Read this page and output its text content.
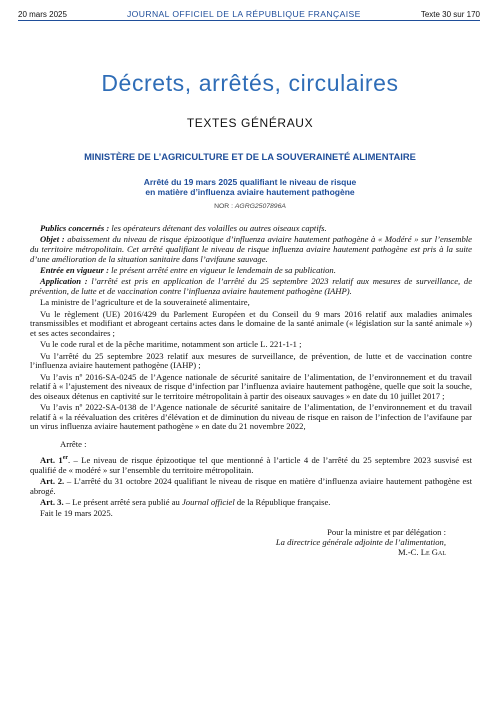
20 mars 2025	JOURNAL OFFICIEL DE LA RÉPUBLIQUE FRANÇAISE	Texte 30 sur 170
Décrets, arrêtés, circulaires
TEXTES GÉNÉRAUX
MINISTÈRE DE L’AGRICULTURE ET DE LA SOUVERAINETÉ ALIMENTAIRE
Arrêté du 19 mars 2025 qualifiant le niveau de risque
en matière d’influenza aviaire hautement pathogène
NOR : AGRG2507896A

Publics concernés : les opérateurs détenant des volailles ou autres oiseaux captifs.

Objet : abaissement du niveau de risque épizootique d’influenza aviaire hautement pathogène à « Modéré » sur l’ensemble du territoire métropolitain. Cet arrêté qualifiant le niveau de risque influenza aviaire hautement pathogène est pris à la suite d’une amélioration de la situation sanitaire dans l’avifaune sauvage.

Entrée en vigueur : le présent arrêté entre en vigueur le lendemain de sa publication.

Application : l’arrêté est pris en application de l’arrêté du 25 septembre 2023 relatif aux mesures de surveillance, de prévention, de lutte et de vaccination contre l’influenza aviaire hautement pathogène (IAHP).

La ministre de l’agriculture et de la souveraineté alimentaire,

Vu le règlement (UE) 2016/429 du Parlement Européen et du Conseil du 9 mars 2016 relatif aux maladies animales transmissibles et modifiant et abrogeant certains actes dans le domaine de la santé animale (« législation sur la santé animale ») et ses actes secondaires ;

Vu le code rural et de la pêche maritime, notamment son article L. 221-1-1 ;

Vu l’arrêté du 25 septembre 2023 relatif aux mesures de surveillance, de prévention, de lutte et de vaccination contre l’influenza aviaire hautement pathogène (IAHP) ;

Vu l’avis nº 2016-SA-0245 de l’Agence nationale de sécurité sanitaire de l’alimentation, de l’environnement et du travail relatif à « l’ajustement des niveaux de risque d’infection par l’influenza aviaire hautement pathogène, quelle que soit la souche, des oiseaux détenus en captivité sur le territoire métropolitain à partir des oiseaux sauvages » en date du 10 juillet 2017 ;

Vu l’avis nº 2022-SA-0138 de l’Agence nationale de sécurité sanitaire de l’alimentation, de l’environnement et du travail relatif à « la réévaluation des critères d’élévation et de diminution du niveau de risque en raison de l’infection de l’avifaune par un virus influenza aviaire hautement pathogène » en date du 21 novembre 2022,

Arrête :

Art. 1er. – Le niveau de risque épizootique tel que mentionné à l’article 4 de l’arrêté du 25 septembre 2023 susvisé est qualifié de « modéré » sur l’ensemble du territoire métropolitain.

Art. 2. – L’arrêté du 31 octobre 2024 qualifiant le niveau de risque en matière d’influenza aviaire hautement pathogène est abrogé.

Art. 3. – Le présent arrêté sera publié au Journal officiel de la République française.

Fait le 19 mars 2025.

Pour la ministre et par délégation :
La directrice générale adjointe de l’alimentation,
M.-C. Le Gal
